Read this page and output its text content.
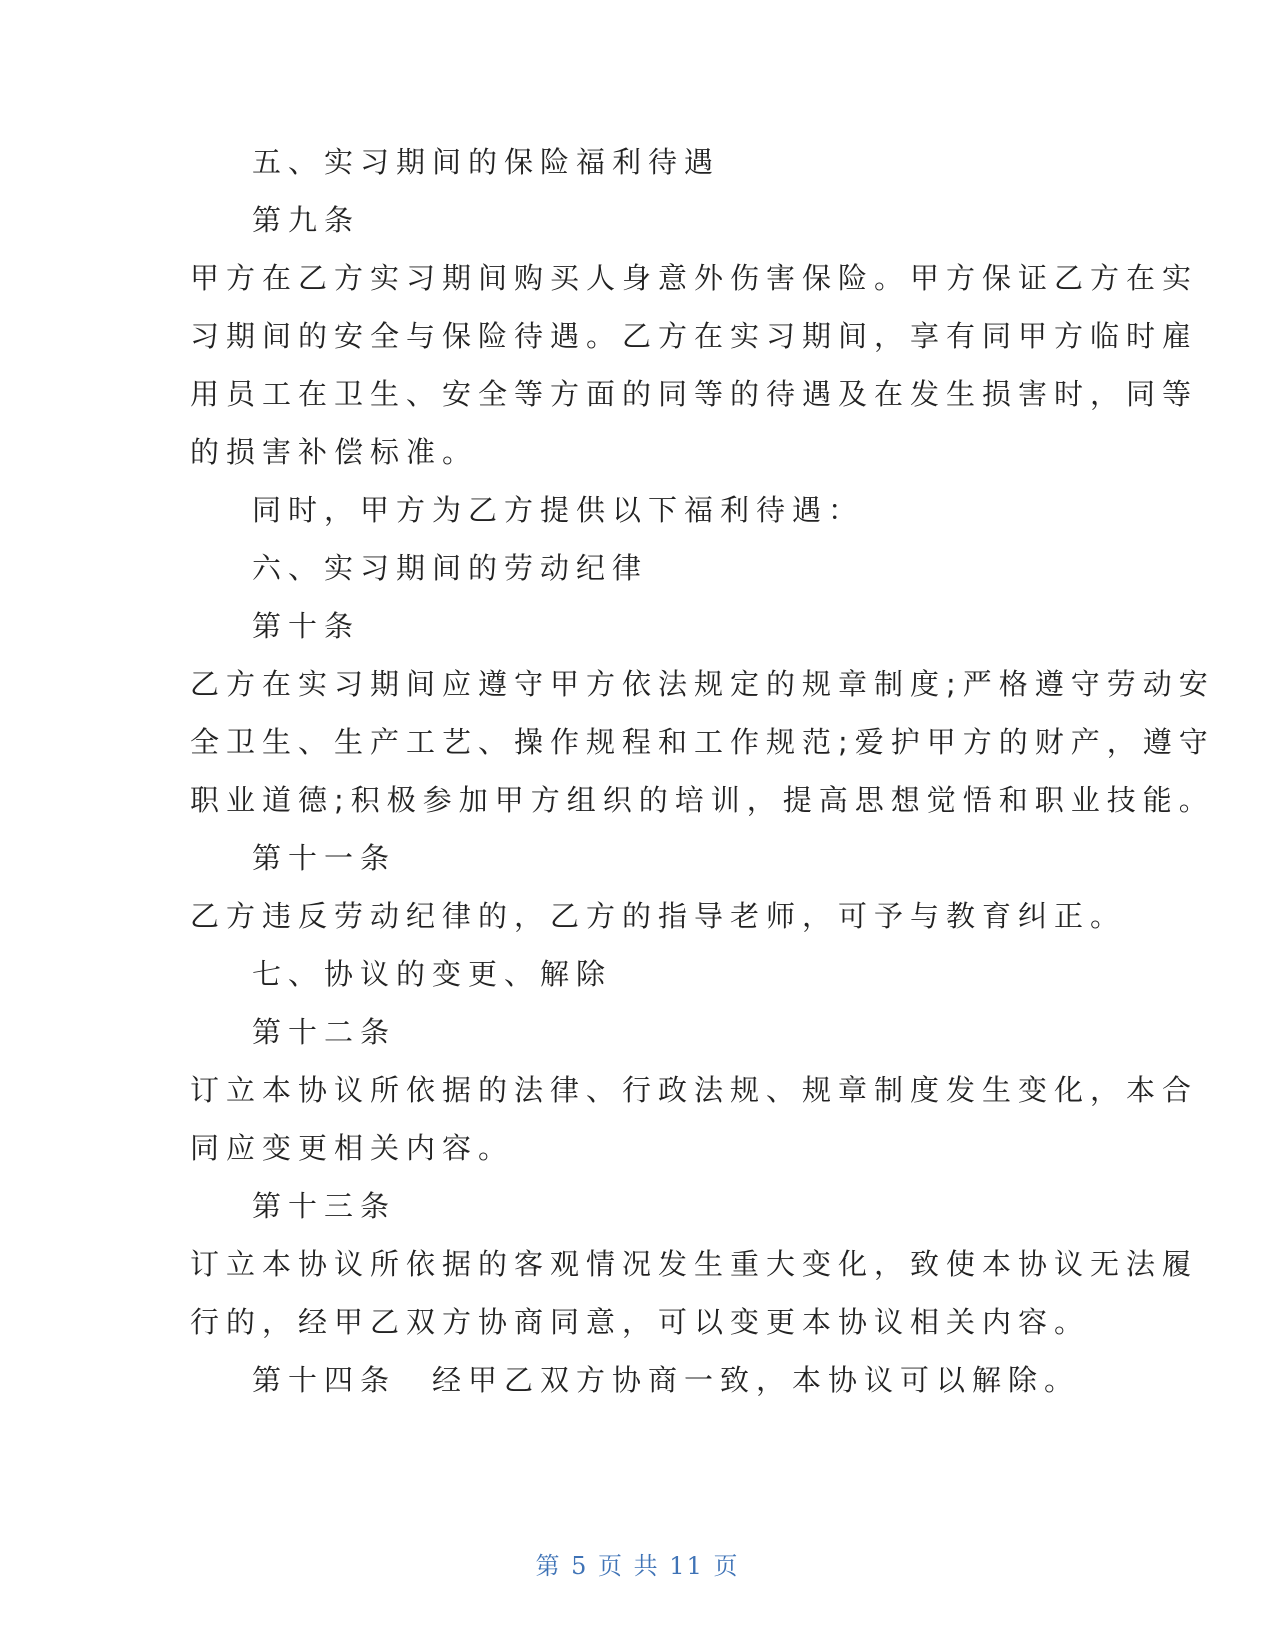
五、实习期间的保险福利待遇
第九条
甲方在乙方实习期间购买人身意外伤害保险。甲方保证乙方在实
习期间的安全与保险待遇。乙方在实习期间，享有同甲方临时雇
用员工在卫生、安全等方面的同等的待遇及在发生损害时，同等
的损害补偿标准。
同时，甲方为乙方提供以下福利待遇：
六、实习期间的劳动纪律
第十条
乙方在实习期间应遵守甲方依法规定的规章制度;严格遵守劳动安
全卫生、生产工艺、操作规程和工作规范;爱护甲方的财产，遵守
职业道德;积极参加甲方组织的培训，提高思想觉悟和职业技能。
第十一条
乙方违反劳动纪律的，乙方的指导老师，可予与教育纠正。
七、协议的变更、解除
第十二条
订立本协议所依据的法律、行政法规、规章制度发生变化，本合
同应变更相关内容。
第十三条
订立本协议所依据的客观情况发生重大变化，致使本协议无法履
行的，经甲乙双方协商同意，可以变更本协议相关内容。
第十四条　经甲乙双方协商一致，本协议可以解除。
第 5 页 共 11 页
